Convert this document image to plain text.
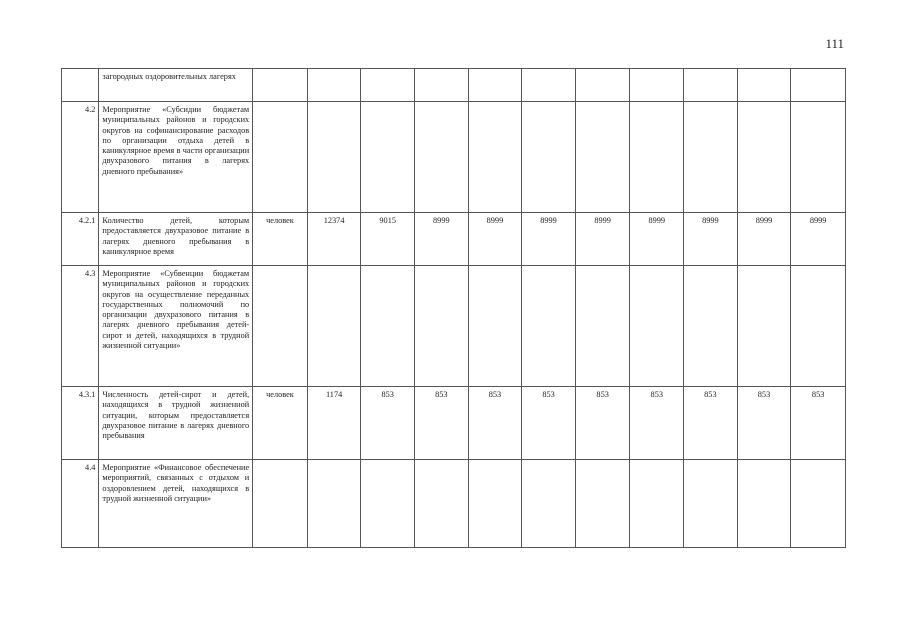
111
	загородных оздоровительных лагерях											
4.2	Мероприятие «Субсидии бюджетам муниципальных районов и городских округов на софинансирование расходов по организации отдыха детей в каникулярное время в части организации двухразового питания в лагерях дневного пребывания»											
4.2.1	Количество детей, которым предоставляется двухразовое питание в лагерях дневного пребывания в каникулярное время	человек	12374	9015	8999	8999	8999	8999	8999	8999	8999	8999
4.3	Мероприятие «Субвенции бюджетам муниципальных районов и городских округов на осуществление переданных государственных полномочий по организации двухразового питания в лагерях дневного пребывания детей-сирот и детей, находящихся в трудной жизненной ситуации»											
4.3.1	Численность детей-сирот и детей, находящихся в трудной жизненной ситуации, которым предоставляется двухразовое питание в лагерях дневного пребывания	человек	1174	853	853	853	853	853	853	853	853	853
4.4	Мероприятие «Финансовое обеспечение мероприятий, связанных с отдыхом и оздоровлением детей, находящихся в трудной жизненной ситуации»											
